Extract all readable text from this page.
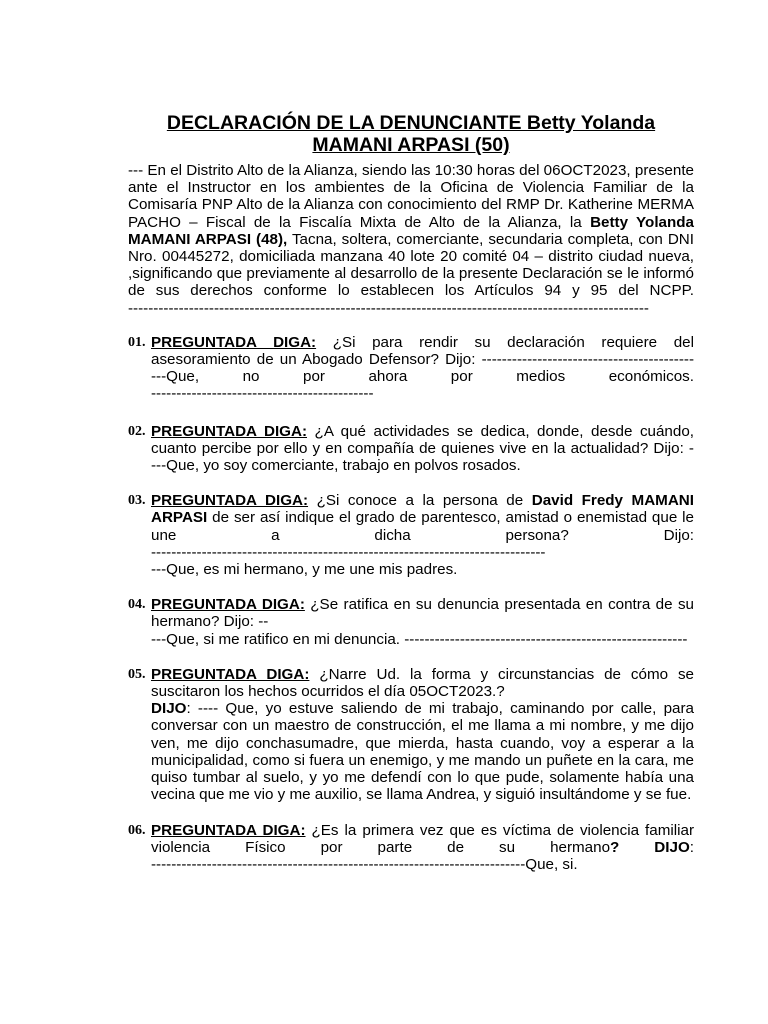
DECLARACIÓN DE LA DENUNCIANTE Betty Yolanda
MAMANI ARPASI (50)

--- En el Distrito Alto de la Alianza, siendo las 10:30 horas del 06OCT2023, presente ante el Instructor en los ambientes de la Oficina de Violencia Familiar de la Comisaría PNP Alto de la Alianza con conocimiento del RMP Dr. Katherine MERMA PACHO – Fiscal de la Fiscalía Mixta de Alto de la Alianza, la Betty Yolanda MAMANI ARPASI (48), Tacna, soltera, comerciante, secundaria completa, con DNI Nro. 00445272, domiciliada manzana 40 lote 20 comité 04 – distrito ciudad nueva, ,significando que previamente al desarrollo de la presente Declaración se le informó de sus derechos conforme lo establecen los Artículos 94 y 95 del NCPP.

-------------------------------------------------------------------------------------------------------
01. PREGUNTADA DIGA: ¿Si para rendir su declaración requiere del asesoramiento de un Abogado Defensor? Dijo: ------------------------------------------
---Que, no por ahora por medios económicos.
--------------------------------------------
02. PREGUNTADA DIGA: ¿A qué actividades se dedica, donde, desde cuándo, cuanto percibe por ello y en compañía de quienes vive en la actualidad? Dijo: -
---Que, yo soy comerciante, trabajo en polvos rosados.
03. PREGUNTADA DIGA: ¿Si conoce a la persona de David Fredy MAMANI ARPASI de ser así indique el grado de parentesco, amistad o enemistad que le une a dicha persona? Dijo:
------------------------------------------------------------------------------
---Que, es mi hermano, y me une mis padres.
04. PREGUNTADA DIGA: ¿Se ratifica en su denuncia presentada en contra de su hermano? Dijo: --
---Que, si me ratifico en mi denuncia. --------------------------------------------------------
05. PREGUNTADA DIGA: ¿Narre Ud. la forma y circunstancias de cómo se suscitaron los hechos ocurridos el día 05OCT2023.?
DIJO: ---- Que, yo estuve saliendo de mi trabajo, caminando por calle, para conversar con un maestro de construcción, el me llama a mi nombre, y me dijo ven, me dijo conchasumadre, que mierda, hasta cuando, voy a esperar a la municipalidad, como si fuera un enemigo, y me mando un puñete en la cara, me quiso tumbar al suelo, y yo me defendí con lo que pude, solamente había una vecina que me vio y me auxilio, se llama Andrea, y siguió insultándome y se fue.
06. PREGUNTADA DIGA: ¿Es la primera vez que es víctima de violencia familiar violencia Físico por parte de su hermano? DIJO:
--------------------------------------------------------------------------Que, si.
